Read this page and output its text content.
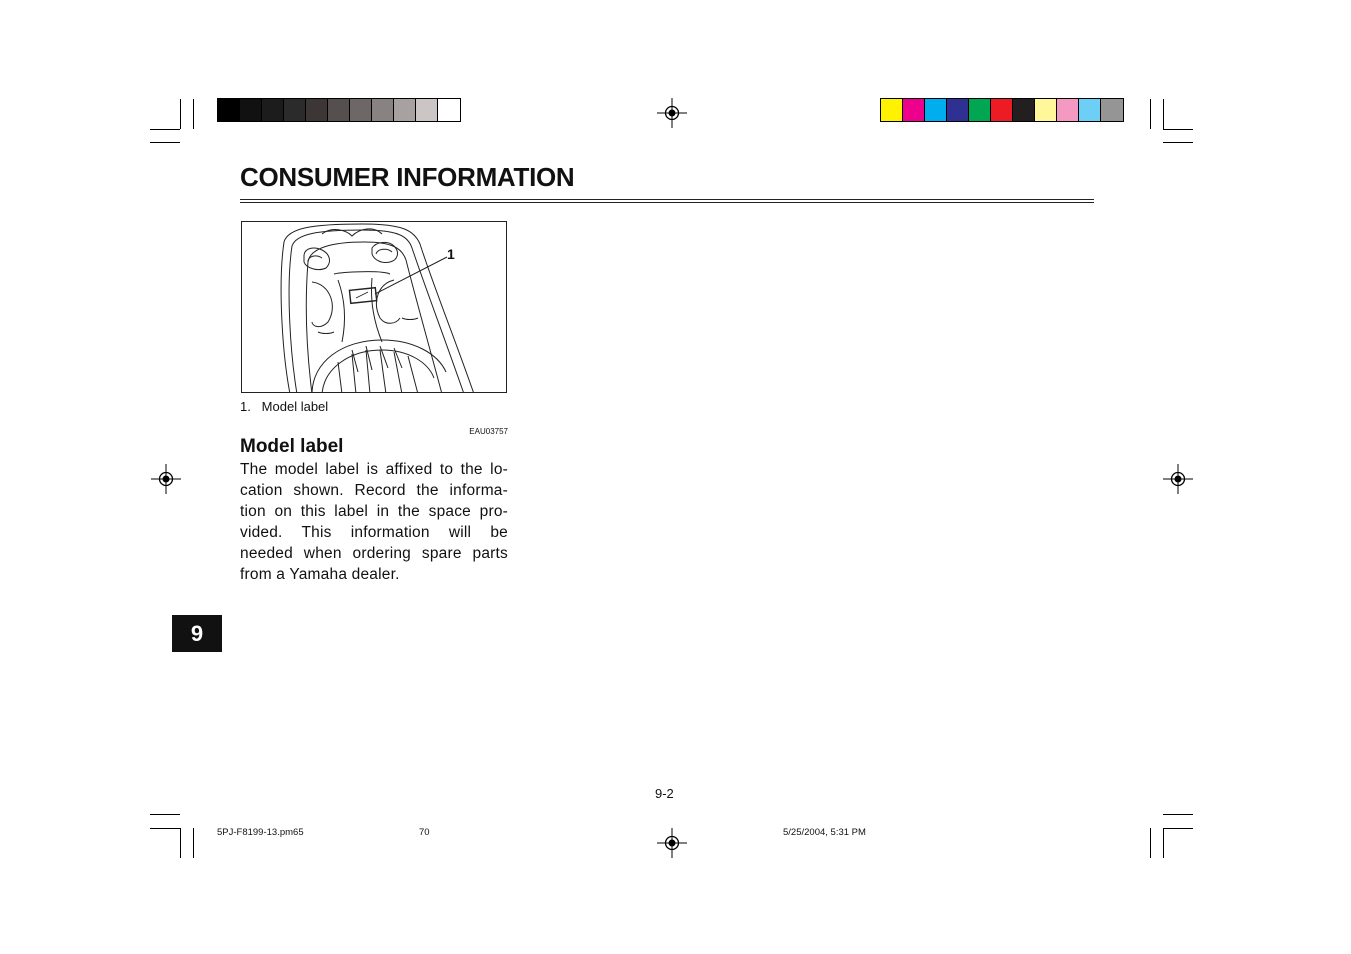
CONSUMER INFORMATION
1
1.   Model label
EAU03757
Model label
The model label is affixed to the lo-
cation shown. Record the informa-
tion on this label in the space pro-
vided. This information will be
needed when ordering spare parts
from a Yamaha dealer.
9
9-2
5PJ-F8199-13.pm65	70	5/25/2004, 5:31 PM
